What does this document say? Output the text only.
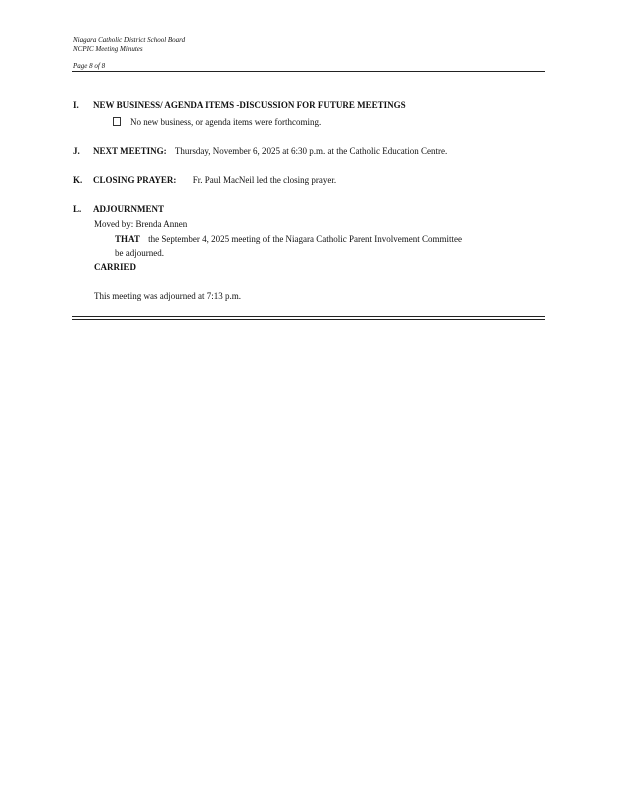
Niagara Catholic District School Board
NCPIC Meeting Minutes
Page 8 of 8
I. NEW BUSINESS/ AGENDA ITEMS -DISCUSSION FOR FUTURE MEETINGS
No new business, or agenda items were forthcoming.
J. NEXT MEETING: Thursday, November 6, 2025 at 6:30 p.m. at the Catholic Education Centre.
K. CLOSING PRAYER: Fr. Paul MacNeil led the closing prayer.
L. ADJOURNMENT
Moved by: Brenda Annen
THAT the September 4, 2025 meeting of the Niagara Catholic Parent Involvement Committee
be adjourned.
CARRIED
This meeting was adjourned at 7:13 p.m.
